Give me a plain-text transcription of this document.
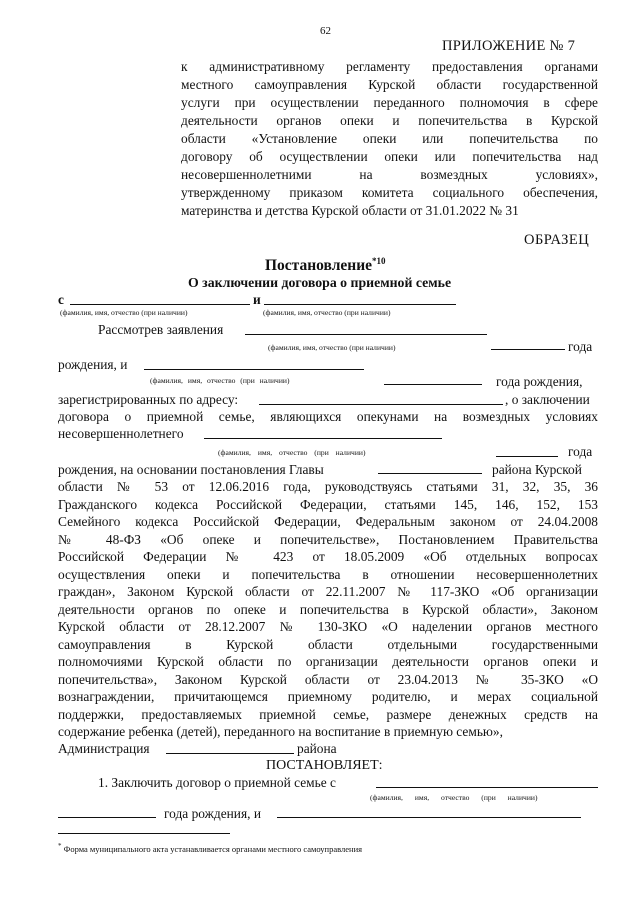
62
ПРИЛОЖЕНИЕ № 7
к административному регламенту предоставления органами
местного самоуправления Курской области государственной
услуги при осуществлении переданного полномочия в сфере
деятельности органов опеки и попечительства в Курской
области «Установление опеки или попечительства по
договору об осуществлении опеки или попечительства над
несовершеннолетними на возмездных условиях»,
утвержденному приказом комитета социального обеспечения,
материнства и детства Курской области от 31.01.2022 № 31
ОБРАЗЕЦ
Постановление$^{*10}$
О заключении договора о приемной семье
с	и
(фамилия, имя, отчество (при наличии)	(фамилия, имя, отчество (при наличии)
Рассмотрев заявления
(фамилия, имя, отчество (при наличии)	года
рождения, и
(фамилия, имя, отчество (при наличии)	года рождения,
зарегистрированных по адресу:	, о заключении
договора о приемной семье, являющихся опекунами на возмездных условиях
несовершеннолетнего
(фамилия, имя, отчество (при наличии)	года
рождения, на основании постановления Главы	района Курской
области № 53 от 12.06.2016 года, руководствуясь статьями 31, 32, 35, 36
Гражданского кодекса Российской Федерации, статьями 145, 146, 152, 153
Семейного кодекса Российской Федерации, Федеральным законом от 24.04.2008
№ 48-ФЗ «Об опеке и попечительстве», Постановлением Правительства
Российской Федерации № 423 от 18.05.2009 «Об отдельных вопросах
осуществления опеки и попечительства в отношении несовершеннолетних
граждан», Законом Курской области от 22.11.2007 № 117-ЗКО «Об организации
деятельности органов по опеке и попечительства в Курской области», Законом
Курской области от 28.12.2007 № 130-ЗКО «О наделении органов местного
самоуправления в Курской области отдельными государственными
полномочиями Курской области по организации деятельности органов опеки и
попечительства», Законом Курской области от 23.04.2013 № 35-ЗКО «О
вознаграждении, причитающемся приемному родителю, и мерах социальной
поддержки, предоставляемых приемной семье, размере денежных средств на
содержание ребенка (детей), переданного на воспитание в приемную семью»,
Администрация	района
ПОСТАНОВЛЯЕТ:
1. Заключить договор о приемной семье с
(фамилия, имя, отчество (при наличии)
года рождения, и
* Форма муниципального акта устанавливается органами местного самоуправления
